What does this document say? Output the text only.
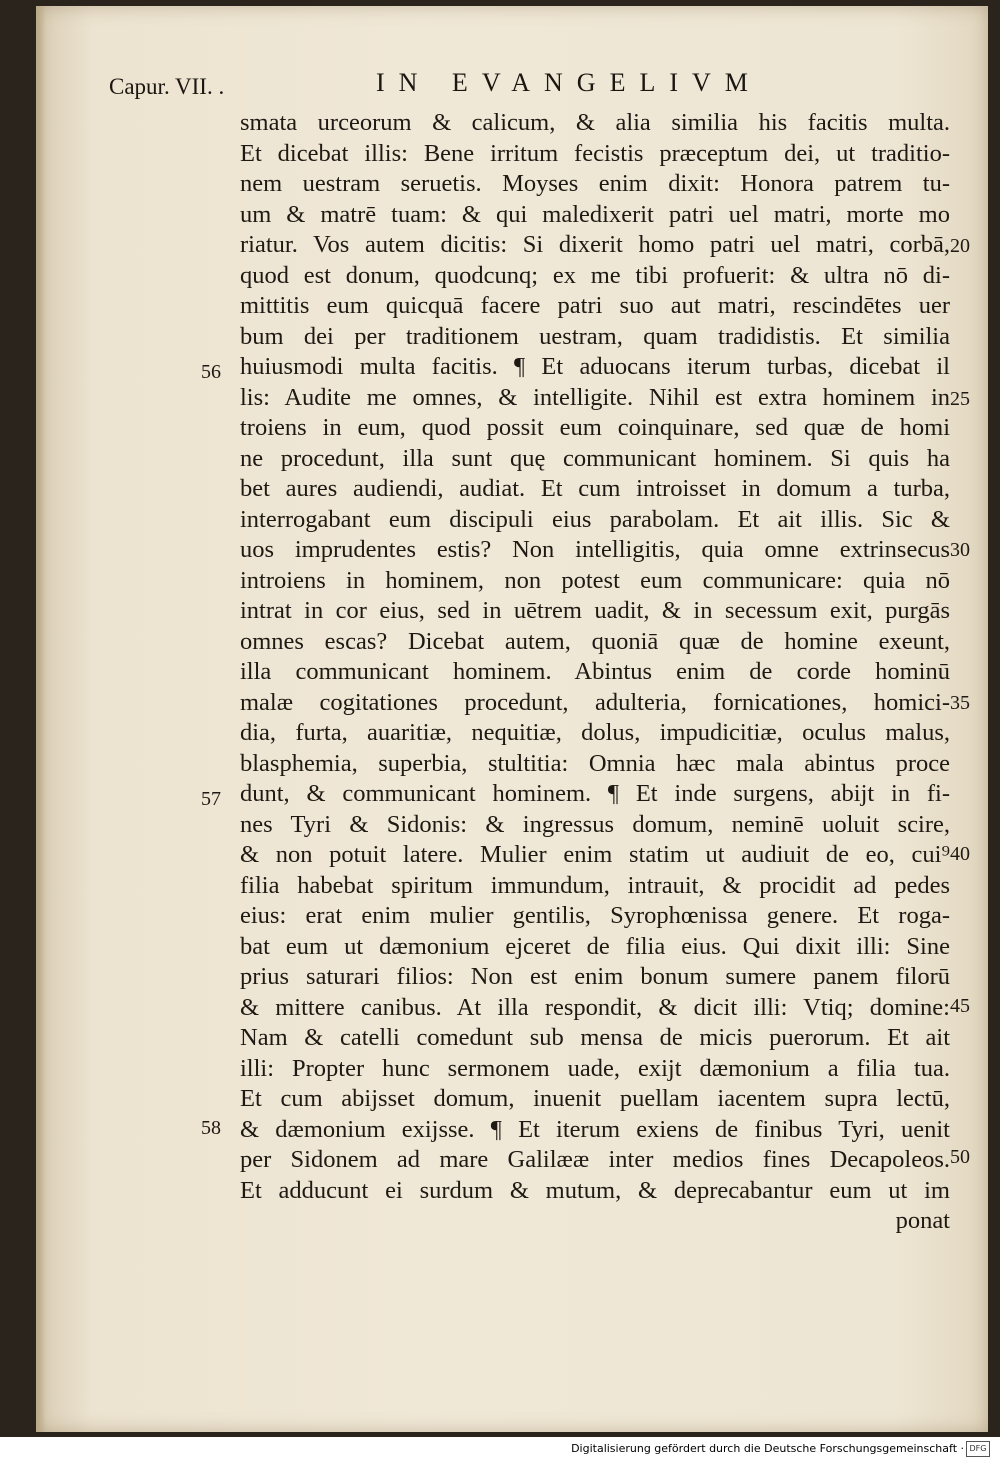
Capur. VII. .	IN EVANGELIVM
smata urceorum & calicum, & alia similia his facitis multa.
Et dicebat illis: Bene irritum fecistis præceptum dei, ut traditio-
nem uestram seruetis. Moyses enim dixit: Honora patrem tu-
um & matrē tuam: & qui maledixerit patri uel matri, morte mo
riatur. Vos autem dicitis: Si dixerit homo patri uel matri, corbā,
quod est donum, quodcunq; ex me tibi profuerit: & ultra nō di-
mittitis eum quicquā facere patri suo aut matri, rescindētes uer
bum dei per traditionem uestram, quam tradidistis. Et similia
huiusmodi multa facitis. ¶ Et aduocans iterum turbas, dicebat il
lis: Audite me omnes, & intelligite. Nihil est extra hominem in
troiens in eum, quod possit eum coinquinare, sed quæ de homi
ne procedunt, illa sunt quę communicant hominem. Si quis ha
bet aures audiendi, audiat. Et cum introisset in domum a turba,
interrogabant eum discipuli eius parabolam. Et ait illis. Sic &
uos imprudentes estis? Non intelligitis, quia omne extrinsecus
introiens in hominem, non potest eum communicare: quia nō
intrat in cor eius, sed in uētrem uadit, & in secessum exit, purgās
omnes escas? Dicebat autem, quoniā quæ de homine exeunt,
illa communicant hominem. Abintus enim de corde hominū
malæ cogitationes procedunt, adulteria, fornicationes, homici-
dia, furta, auaritiæ, nequitiæ, dolus, impudicitiæ, oculus malus,
blasphemia, superbia, stultitia: Omnia hæc mala abintus proce
dunt, & communicant hominem. ¶ Et inde surgens, abijt in fi-
nes Tyri & Sidonis: & ingressus domum, neminē uoluit scire,
& non potuit latere. Mulier enim statim ut audiuit de eo, cui⁹
filia habebat spiritum immundum, intrauit, & procidit ad pedes
eius: erat enim mulier gentilis, Syrophœnissa genere. Et roga-
bat eum ut dæmonium ejceret de filia eius. Qui dixit illi: Sine
prius saturari filios: Non est enim bonum sumere panem filorū
& mittere canibus. At illa respondit, & dicit illi: Vtiq; domine:
Nam & catelli comedunt sub mensa de micis puerorum. Et ait
illi: Propter hunc sermonem uade, exijt dæmonium a filia tua.
Et cum abijsset domum, inuenit puellam iacentem supra lectū,
& dæmonium exijsse. ¶ Et iterum exiens de finibus Tyri, uenit
per Sidonem ad mare Galilææ inter medios fines Decapoleos.
Et adducunt ei surdum & mutum, & deprecabantur eum ut im
ponat
56
57
58
20
25
30
35
40
45
50
Digitalisierung gefördert durch die Deutsche Forschungsgemeinschaft · DFG
